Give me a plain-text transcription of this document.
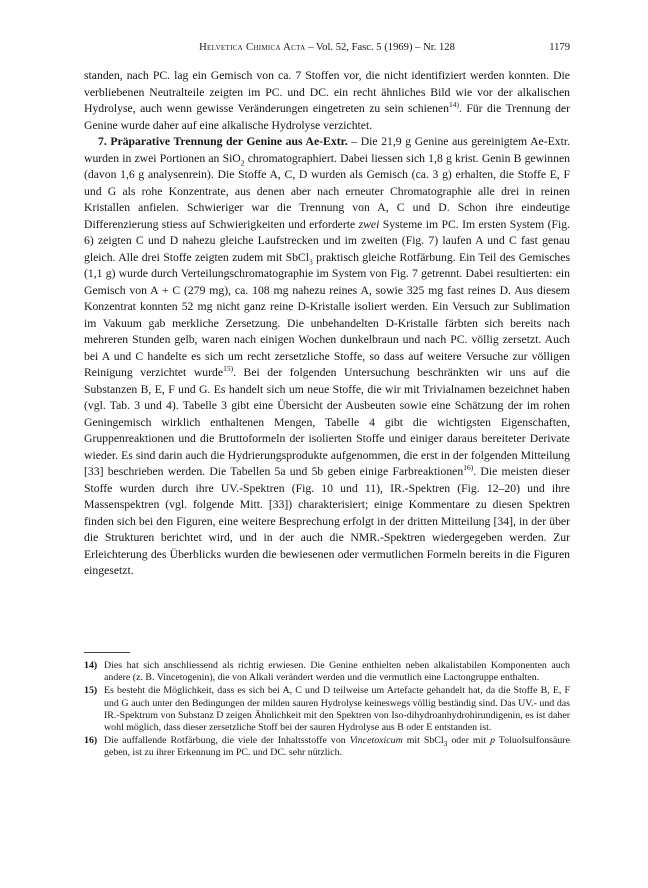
Helvetica Chimica Acta – Vol. 52, Fasc. 5 (1969) – Nr. 128	1179

standen, nach PC. lag ein Gemisch von ca. 7 Stoffen vor, die nicht identifiziert werden konnten. Die verbliebenen Neutralteile zeigten im PC. und DC. ein recht ähnliches Bild wie vor der alkalischen Hydrolyse, auch wenn gewisse Veränderungen eingetreten zu sein schienen$^{14)}$. Für die Trennung der Genine wurde daher auf eine alkalische Hydrolyse verzichtet.

7. Präparative Trennung der Genine aus Ae-Extr. – Die 21,9 g Genine aus gereinigtem Ae-Extr. wurden in zwei Portionen an SiO$_2$ chromatographiert. Dabei liessen sich 1,8 g krist. Genin B gewinnen (davon 1,6 g analysenrein). Die Stoffe A, C, D wurden als Gemisch (ca. 3 g) erhalten, die Stoffe E, F und G als rohe Konzentrate, aus denen aber nach erneuter Chromatographie alle drei in reinen Kristallen anfielen. Schwieriger war die Trennung von A, C und D. Schon ihre eindeutige Differenzierung stiess auf Schwierigkeiten und erforderte zwei Systeme im PC. Im ersten System (Fig. 6) zeigten C und D nahezu gleiche Laufstrecken und im zweiten (Fig. 7) laufen A und C fast genau gleich. Alle drei Stoffe zeigten zudem mit SbCl$_3$ praktisch gleiche Rotfärbung. Ein Teil des Gemisches (1,1 g) wurde durch Verteilungschromatographie im System von Fig. 7 getrennt. Dabei resultierten: ein Gemisch von A + C (279 mg), ca. 108 mg nahezu reines A, sowie 325 mg fast reines D. Aus diesem Konzentrat konnten 52 mg nicht ganz reine D-Kristalle isoliert werden. Ein Versuch zur Sublimation im Vakuum gab merkliche Zersetzung. Die unbehandelten D-Kristalle färbten sich bereits nach mehreren Stunden gelb, waren nach einigen Wochen dunkelbraun und nach PC. völlig zersetzt. Auch bei A und C handelte es sich um recht zersetzliche Stoffe, so dass auf weitere Versuche zur völligen Reinigung verzichtet wurde$^{15)}$. Bei der folgenden Untersuchung beschränkten wir uns auf die Substanzen B, E, F und G. Es handelt sich um neue Stoffe, die wir mit Trivialnamen bezeichnet haben (vgl. Tab. 3 und 4). Tabelle 3 gibt eine Übersicht der Ausbeuten sowie eine Schätzung der im rohen Geningemisch wirklich enthaltenen Mengen, Tabelle 4 gibt die wichtigsten Eigenschaften, Gruppenreaktionen und die Bruttoformeln der isolierten Stoffe und einiger daraus bereiteter Derivate wieder. Es sind darin auch die Hydrierungsprodukte aufgenommen, die erst in der folgenden Mitteilung [33] beschrieben werden. Die Tabellen 5a und 5b geben einige Farbreaktionen$^{16)}$. Die meisten dieser Stoffe wurden durch ihre UV.-Spektren (Fig. 10 und 11), IR.-Spektren (Fig. 12–20) und ihre Massenspektren (vgl. folgende Mitt. [33]) charakterisiert; einige Kommentare zu diesen Spektren finden sich bei den Figuren, eine weitere Besprechung erfolgt in der dritten Mitteilung [34], in der über die Strukturen berichtet wird, und in der auch die NMR.-Spektren wiedergegeben werden. Zur Erleichterung des Überblicks wurden die bewiesenen oder vermutlichen Formeln bereits in die Figuren eingesetzt.

14) Dies hat sich anschliessend als richtig erwiesen. Die Genine enthielten neben alkalistabilen Komponenten auch andere (z. B. Vincetogenin), die von Alkali verändert werden und die vermutlich eine Lactongruppe enthalten.
15) Es besteht die Möglichkeit, dass es sich bei A, C und D teilweise um Artefacte gehandelt hat, da die Stoffe B, E, F und G auch unter den Bedingungen der milden sauren Hydrolyse keineswegs völlig beständig sind. Das UV.- und das IR.-Spektrum von Substanz D zeigen Ähnlichkeit mit den Spektren von Iso-dihydroanhydrohirundigenin, es ist daher wohl möglich, dass dieser zersetzliche Stoff bei der sauren Hydrolyse aus B oder E entstanden ist.
16) Die auffallende Rotfärbung, die viele der Inhaltsstoffe von Vincetoxicum mit SbCl$_3$ oder mit p Toluolsulfonsäure geben, ist zu ihrer Erkennung im PC. und DC. sehr nützlich.
